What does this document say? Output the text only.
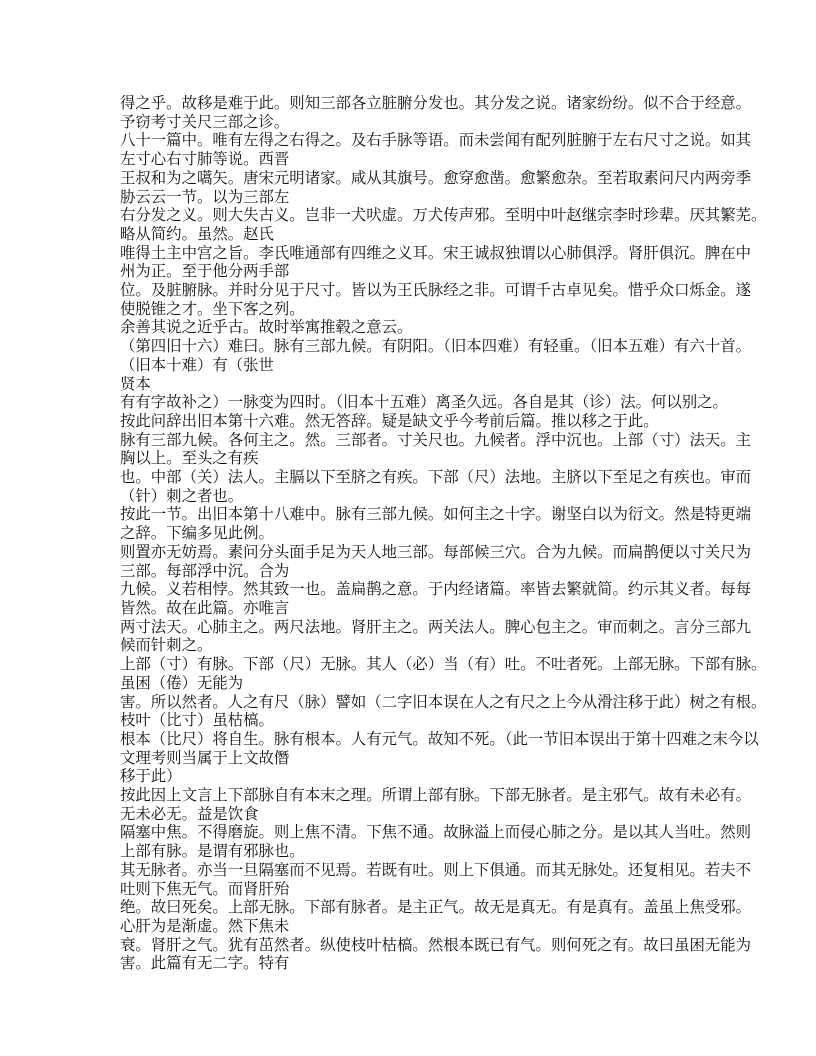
得之乎。故移是难于此。则知三部各立脏腑分发也。其分发之说。诸家纷纷。似不合于经意。

予窃考寸关尺三部之诊。

八十一篇中。唯有左得之右得之。及右手脉等语。而未尝闻有配列脏腑于左右尺寸之说。如其

左寸心右寸肺等说。西晋

王叔和为之嚆矢。唐宋元明诸家。咸从其旗号。愈穿愈凿。愈繁愈杂。至若取素问尺内两旁季

胁云云一节。以为三部左

右分发之义。则大失古义。岂非一犬吠虚。万犬传声邪。至明中叶赵继宗李时珍辈。厌其繁芜。

略从简约。虽然。赵氏

唯得土主中宫之旨。李氏唯通部有四维之义耳。宋王诚叔独谓以心肺俱浮。肾肝俱沉。脾在中

州为正。至于他分两手部

位。及脏腑脉。并时分见于尺寸。皆以为王氏脉经之非。可谓千古卓见矣。惜乎众口烁金。遂

使脱锥之才。坐下客之列。

余善其说之近乎古。故时举寓推毂之意云。

（第四旧十六）难曰。脉有三部九候。有阴阳。（旧本四难）有轻重。（旧本五难）有六十首。

（旧本十难）有（张世

贤本

有有字故补之）一脉变为四时。（旧本十五难）离圣久远。各自是其（诊）法。何以别之。

按此问辞出旧本第十六难。然无答辞。疑是缺文乎今考前后篇。推以移之于此。

脉有三部九候。各何主之。然。三部者。寸关尺也。九候者。浮中沉也。上部（寸）法天。主

胸以上。至头之有疾

也。中部（关）法人。主膈以下至脐之有疾。下部（尺）法地。主脐以下至足之有疾也。审而

（针）刺之者也。

按此一节。出旧本第十八难中。脉有三部九候。如何主之十字。谢坚白以为衍文。然是特更端

之辞。下编多见此例。

则置亦无妨焉。素问分头面手足为天人地三部。每部候三穴。合为九候。而扁鹊便以寸关尺为

三部。每部浮中沉。合为

九候。义若相悖。然其致一也。盖扁鹊之意。于内经诸篇。率皆去繁就简。约示其义者。每每

皆然。故在此篇。亦唯言

两寸法天。心肺主之。两尺法地。肾肝主之。两关法人。脾心包主之。审而刺之。言分三部九

候而针刺之。

上部（寸）有脉。下部（尺）无脉。其人（必）当（有）吐。不吐者死。上部无脉。下部有脉。

虽困（倦）无能为

害。所以然者。人之有尺（脉）譬如（二字旧本误在人之有尺之上今从滑注移于此）树之有根。

枝叶（比寸）虽枯槁。

根本（比尺）将自生。脉有根本。人有元气。故知不死。（此一节旧本误出于第十四难之末今以

文理考则当属于上文故僭

移于此）

按此因上文言上下部脉自有本末之理。所谓上部有脉。下部无脉者。是主邪气。故有未必有。

无未必无。益是饮食

隔塞中焦。不得磨旋。则上焦不清。下焦不通。故脉溢上而侵心肺之分。是以其人当吐。然则

上部有脉。是谓有邪脉也。

其无脉者。亦当一旦隔塞而不见焉。若既有吐。则上下俱通。而其无脉处。还复相见。若夫不

吐则下焦无气。而肾肝殆

绝。故曰死矣。上部无脉。下部有脉者。是主正气。故无是真无。有是真有。盖虽上焦受邪。

心肝为是渐虚。然下焦未

衰。肾肝之气。犹有茁然者。纵使枝叶枯槁。然根本既已有气。则何死之有。故曰虽困无能为

害。此篇有无二字。特有
